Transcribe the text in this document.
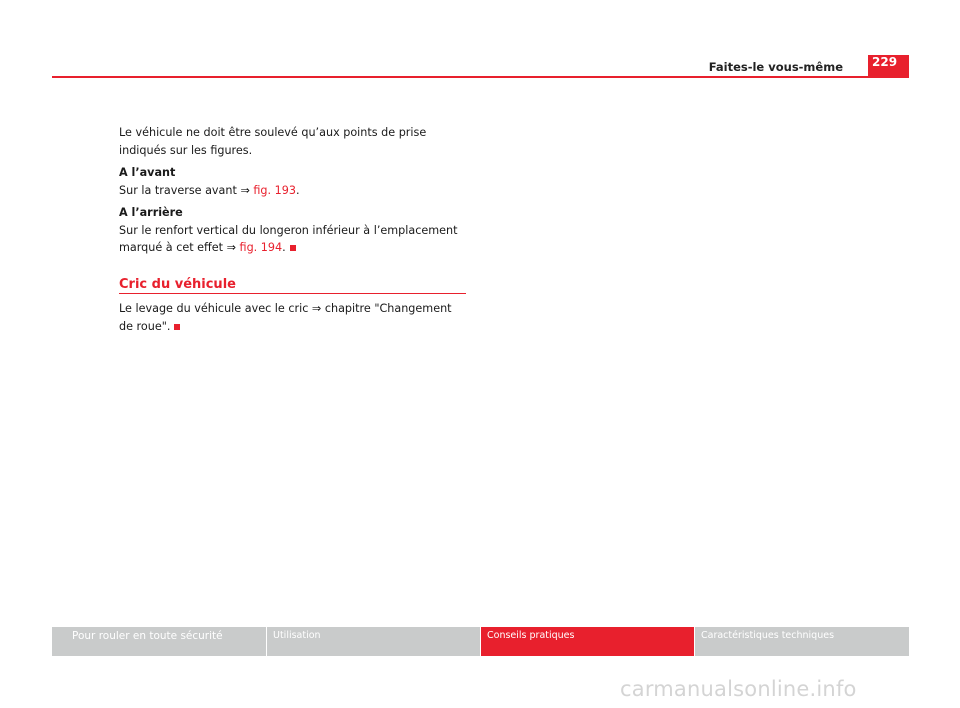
Faites-le vous-même	229

Le véhicule ne doit être soulevé qu’aux points de prise indiqués sur les figures.

A l’avant

Sur la traverse avant ⇒ fig. 193.

A l’arrière

Sur le renfort vertical du longeron inférieur à l’emplacement marqué à cet effet ⇒ fig. 194.

Cric du véhicule

Le levage du véhicule avec le cric ⇒ chapitre "Changement de roue".

Pour rouler en toute sécurité	Utilisation	Conseils pratiques	Caractéristiques techniques
carmanualsonline.info
